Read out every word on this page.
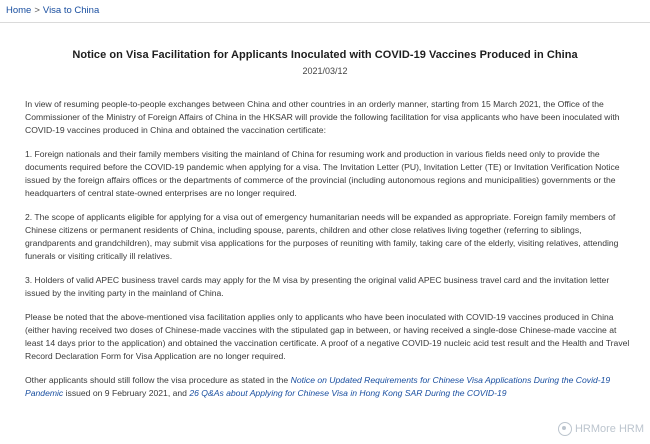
Home > Visa to China
Notice on Visa Facilitation for Applicants Inoculated with COVID-19 Vaccines Produced in China
2021/03/12

In view of resuming people-to-people exchanges between China and other countries in an orderly manner, starting from 15 March 2021, the Office of the Commissioner of the Ministry of Foreign Affairs of China in the HKSAR will provide the following facilitation for visa applicants who have been inoculated with COVID-19 vaccines produced in China and obtained the vaccination certificate:

1. Foreign nationals and their family members visiting the mainland of China for resuming work and production in various fields need only to provide the documents required before the COVID-19 pandemic when applying for a visa. The Invitation Letter (PU), Invitation Letter (TE) or Invitation Verification Notice issued by the foreign affairs offices or the departments of commerce of the provincial (including autonomous regions and municipalities) governments or the headquarters of central state-owned enterprises are no longer required.

2. The scope of applicants eligible for applying for a visa out of emergency humanitarian needs will be expanded as appropriate. Foreign family members of Chinese citizens or permanent residents of China, including spouse, parents, children and other close relatives living together (referring to siblings, grandparents and grandchildren), may submit visa applications for the purposes of reuniting with family, taking care of the elderly, visiting relatives, attending funerals or visiting critically ill relatives.

3. Holders of valid APEC business travel cards may apply for the M visa by presenting the original valid APEC business travel card and the invitation letter issued by the inviting party in the mainland of China.

Please be noted that the above-mentioned visa facilitation applies only to applicants who have been inoculated with COVID-19 vaccines produced in China (either having received two doses of Chinese-made vaccines with the stipulated gap in between, or having received a single-dose Chinese-made vaccine at least 14 days prior to the application) and obtained the vaccination certificate. A proof of a negative COVID-19 nucleic acid test result and the Health and Travel Record Declaration Form for Visa Application are no longer required.

Other applicants should still follow the visa procedure as stated in the Notice on Updated Requirements for Chinese Visa Applications During the Covid-19 Pandemic issued on 9 February 2021, and 26 Q&As about Applying for Chinese Visa in Hong Kong SAR During the COVID-19

HRMore HRM
